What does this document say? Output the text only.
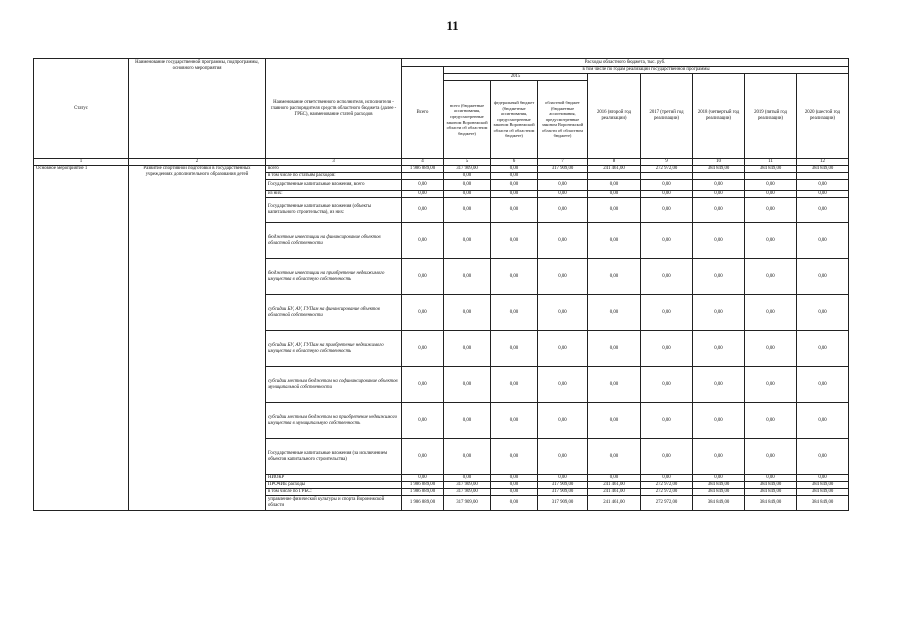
11
Статус	Наименование государственной программы, подпрограммы, основного мероприятия	Наименование ответственного исполнителя, исполнителя - главного распорядителя средств областного бюджета (далее - ГРБС), наименование статей расходов	Расходы областного бюджета, тыс. руб.								
			Всего	в том числе по годам реализации государственной программы							
				2015			2016 (второй год реализации)	2017 (третий год реализации)	2018 (четвертый год реализации)	2019 (пятый год реализации)	2020 (шестой год реализации)
				всего (бюджетные ассигнования, предусмотренные законом Воронежской области об областном бюджете)	федеральный бюджет (бюджетные ассигнования, предусмотренные законом Воронежской области об областном бюджете)	областной бюджет (бюджетные ассигнования, предусмотренные законом Воронежской области об областном бюджете)					
1	2	3	4	5	6	7	8	9	10	11	12
Основное мероприятие 1	Развитие спортивной подготовки в государственных учреждениях дополнительного образования детей	всего	1 986 889,00	317 909,00	0,00	317 909,00	241 461,00	272 972,00	384 849,00	384 849,00	384 849,00
		в том числе по статьям расходов:		0,00	0,00						
		Государственные капитальные вложения, всего	0,00	0,00	0,00	0,00	0,00	0,00	0,00	0,00	0,00
		из них:	0,00	0,00	0,00	0,00	0,00	0,00	0,00	0,00	0,00
		Государственные капитальные вложения (объекты капитального строительства), из них:	0,00	0,00	0,00	0,00	0,00	0,00	0,00	0,00	0,00
		бюджетные инвестиции на финансирование объектов областной собственности	0,00	0,00	0,00	0,00	0,00	0,00	0,00	0,00	0,00
		бюджетные инвестиции на приобретение недвижимого имущества в областную собственность	0,00	0,00	0,00	0,00	0,00	0,00	0,00	0,00	0,00
		субсидии БУ, АУ, ГУПам на финансирование объектов областной собственности	0,00	0,00	0,00	0,00	0,00	0,00	0,00	0,00	0,00
		субсидии БУ, АУ, ГУПам на приобретение недвижимого имущества в областную собственность	0,00	0,00	0,00	0,00	0,00	0,00	0,00	0,00	0,00
		субсидии местным бюджетам на софинансирование объектов муниципальной собственности	0,00	0,00	0,00	0,00	0,00	0,00	0,00	0,00	0,00
		субсидии местным бюджетам на приобретение недвижимого имущества в муниципальную собственность	0,00	0,00	0,00	0,00	0,00	0,00	0,00	0,00	0,00
		Государственные капитальные вложения (за исключением объектов капитального строительства)	0,00	0,00	0,00	0,00	0,00	0,00	0,00	0,00	0,00
		НИОКР	0,00	0,00	0,00	0,00	0,00	0,00	0,00	0,00	0,00
		ПРОЧИЕ расходы	1 986 889,00	317 909,00	0,00	317 909,00	241 461,00	272 972,00	384 849,00	384 849,00	384 849,00
		в том числе по ГРБС:	1 986 889,00	317 909,00	0,00	317 909,00	241 461,00	272 972,00	384 849,00	384 849,00	384 849,00
		управление физической культуры и спорта Воронежской области	1 986 889,00	317 909,00	0,00	317 909,00	241 461,00	272 972,00	384 849,00	384 849,00	384 849,00
